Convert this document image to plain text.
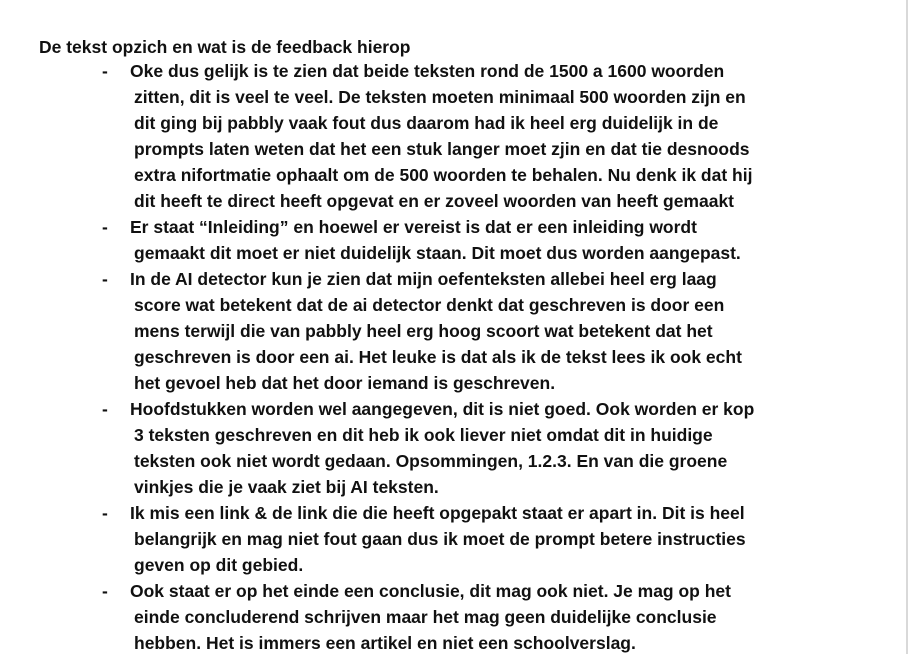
De tekst opzich en wat is de feedback hierop

- Oke dus gelijk is te zien dat beide teksten rond de 1500 a 1600 woorden
zitten, dit is veel te veel. De teksten moeten minimaal 500 woorden zijn en
dit ging bij pabbly vaak fout dus daarom had ik heel erg duidelijk in de
prompts laten weten dat het een stuk langer moet zjin en dat tie desnoods
extra nifortmatie ophaalt om de 500 woorden te behalen. Nu denk ik dat hij
dit heeft te direct heeft opgevat en er zoveel woorden van heeft gemaakt
- Er staat “Inleiding” en hoewel er vereist is dat er een inleiding wordt
gemaakt dit moet er niet duidelijk staan. Dit moet dus worden aangepast.
- In de AI detector kun je zien dat mijn oefenteksten allebei heel erg laag
score wat betekent dat de ai detector denkt dat geschreven is door een
mens terwijl die van pabbly heel erg hoog scoort wat betekent dat het
geschreven is door een ai. Het leuke is dat als ik de tekst lees ik ook echt
het gevoel heb dat het door iemand is geschreven.
- Hoofdstukken worden wel aangegeven, dit is niet goed. Ook worden er kop
3 teksten geschreven en dit heb ik ook liever niet omdat dit in huidige
teksten ook niet wordt gedaan. Opsommingen, 1.2.3. En van die groene
vinkjes die je vaak ziet bij AI teksten.
- Ik mis een link & de link die die heeft opgepakt staat er apart in. Dit is heel
belangrijk en mag niet fout gaan dus ik moet de prompt betere instructies
geven op dit gebied.
- Ook staat er op het einde een conclusie, dit mag ook niet. Je mag op het
einde concluderend schrijven maar het mag geen duidelijke conclusie
hebben. Het is immers een artikel en niet een schoolverslag.
